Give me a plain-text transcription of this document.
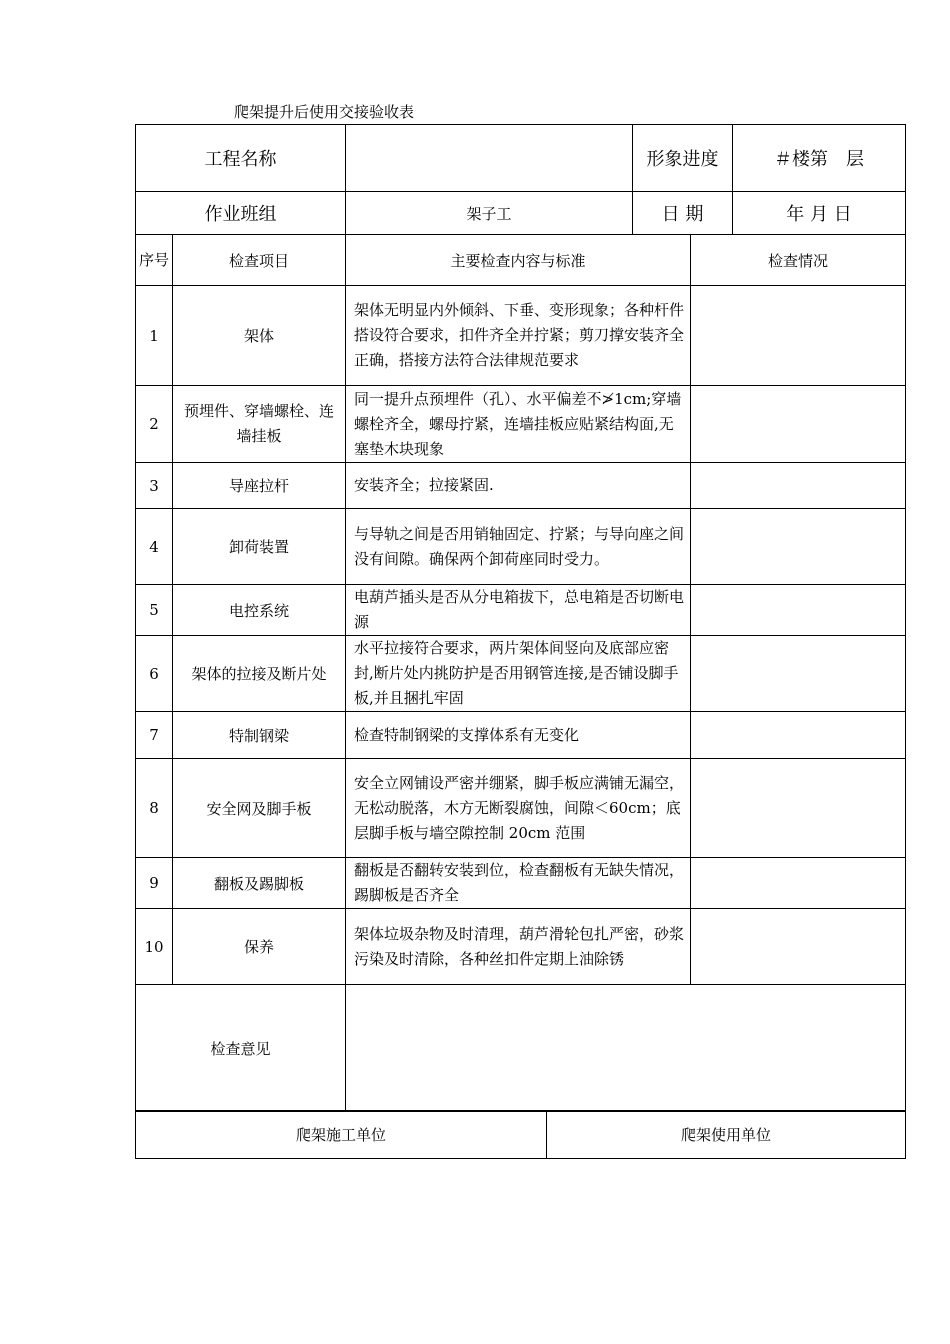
爬架提升后使用交接验收表
工程名称			形象进度		＃楼第　层
作业班组		架子工	日 期		年 月 日
序号	检查项目	主要检查内容与标准		检查情况	
1	架体	架体无明显内外倾斜、下垂、变形现象；各种杆件搭设符合要求，扣件齐全并拧紧；剪刀撑安装齐全正确，搭接方法符合法律规范要求			
2	预埋件、穿墙螺栓、连墙挂板	同一提升点预埋件（孔）、水平偏差不≯1cm;穿墙螺栓齐全，螺母拧紧，连墙挂板应贴紧结构面,无塞垫木块现象			
3	导座拉杆	安装齐全；拉接紧固.			
4	卸荷装置	与导轨之间是否用销轴固定、拧紧；与导向座之间没有间隙。确保两个卸荷座同时受力。			
5	电控系统	电葫芦插头是否从分电箱拔下，总电箱是否切断电源			
6	架体的拉接及断片处	水平拉接符合要求，两片架体间竖向及底部应密封,断片处内挑防护是否用钢管连接,是否铺设脚手板,并且捆扎牢固			
7	特制钢梁	检查特制钢梁的支撑体系有无变化			
8	安全网及脚手板	安全立网铺设严密并绷紧，脚手板应满铺无漏空，无松动脱落，木方无断裂腐蚀，间隙＜60cm；底层脚手板与墙空隙控制 20cm 范围			
9	翻板及踢脚板	翻板是否翻转安装到位，检查翻板有无缺失情况，踢脚板是否齐全			
10	保养	架体垃圾杂物及时清理，葫芦滑轮包扎严密，砂浆污染及时清除，各种丝扣件定期上油除锈			
检查意见					
爬架施工单位	爬架使用单位
